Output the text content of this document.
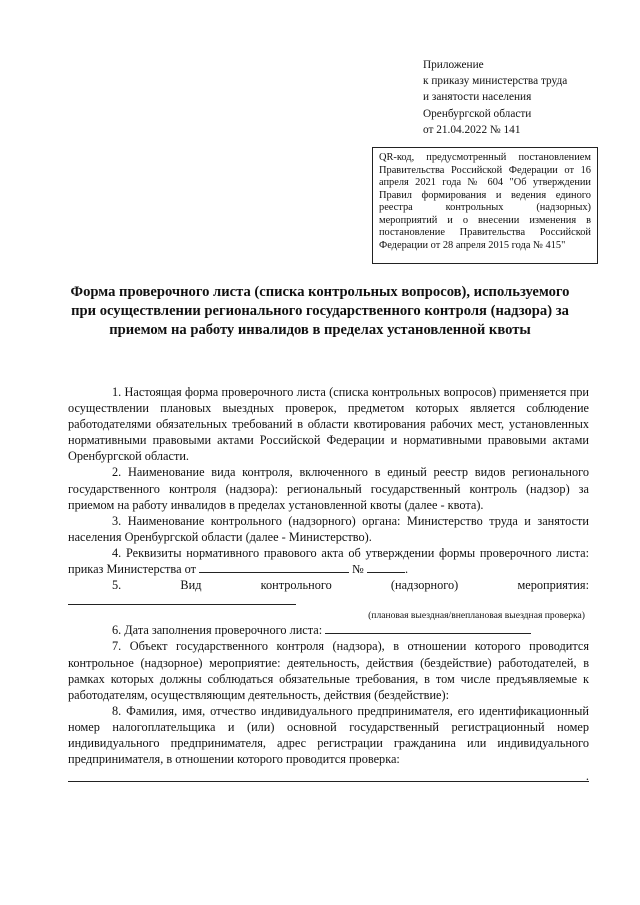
Приложение
к приказу министерства труда
и занятости населения
Оренбургской области
от 21.04.2022 № 141
QR-код, предусмотренный постановлением Правительства Российской Федерации от 16 апреля 2021 года № 604 "Об утверждении Правил формирования и ведения единого реестра контрольных (надзорных) мероприятий и о внесении изменения в постановление Правительства Российской Федерации от 28 апреля 2015 года № 415"
Форма проверочного листа (списка контрольных вопросов), используемого при осуществлении регионального государственного контроля (надзора) за приемом на работу инвалидов в пределах установленной квоты

1. Настоящая форма проверочного листа (списка контрольных вопросов) применяется при осуществлении плановых выездных проверок, предметом которых является соблюдение работодателями обязательных требований в области квотирования рабочих мест, установленных нормативными правовыми актами Российской Федерации и нормативными правовыми актами Оренбургской области.

2. Наименование вида контроля, включенного в единый реестр видов регионального государственного контроля (надзора): региональный государственный контроль (надзор) за приемом на работу инвалидов в пределах установленной квоты (далее - квота).

3. Наименование контрольного (надзорного) органа: Министерство труда и занятости населения Оренбургской области (далее - Министерство).

4. Реквизиты нормативного правового акта об утверждении формы проверочного листа: приказ Министерства от	№	.

5. Вид контрольного (надзорного) мероприятия:

(плановая выездная/внеплановая выездная проверка)

6. Дата заполнения проверочного листа:

7. Объект государственного контроля (надзора), в отношении которого проводится контрольное (надзорное) мероприятие: деятельность, действия (бездействие) работодателей, в рамках которых должны соблюдаться обязательные требования, в том числе предъявляемые к работодателям, осуществляющим деятельность, действия (бездействие):

8. Фамилия, имя, отчество индивидуального предпринимателя, его идентификационный номер налогоплательщика и (или) основной государственный регистрационный номер индивидуального предпринимателя, адрес регистрации гражданина или индивидуального предпринимателя, в отношении которого проводится проверка:

.
